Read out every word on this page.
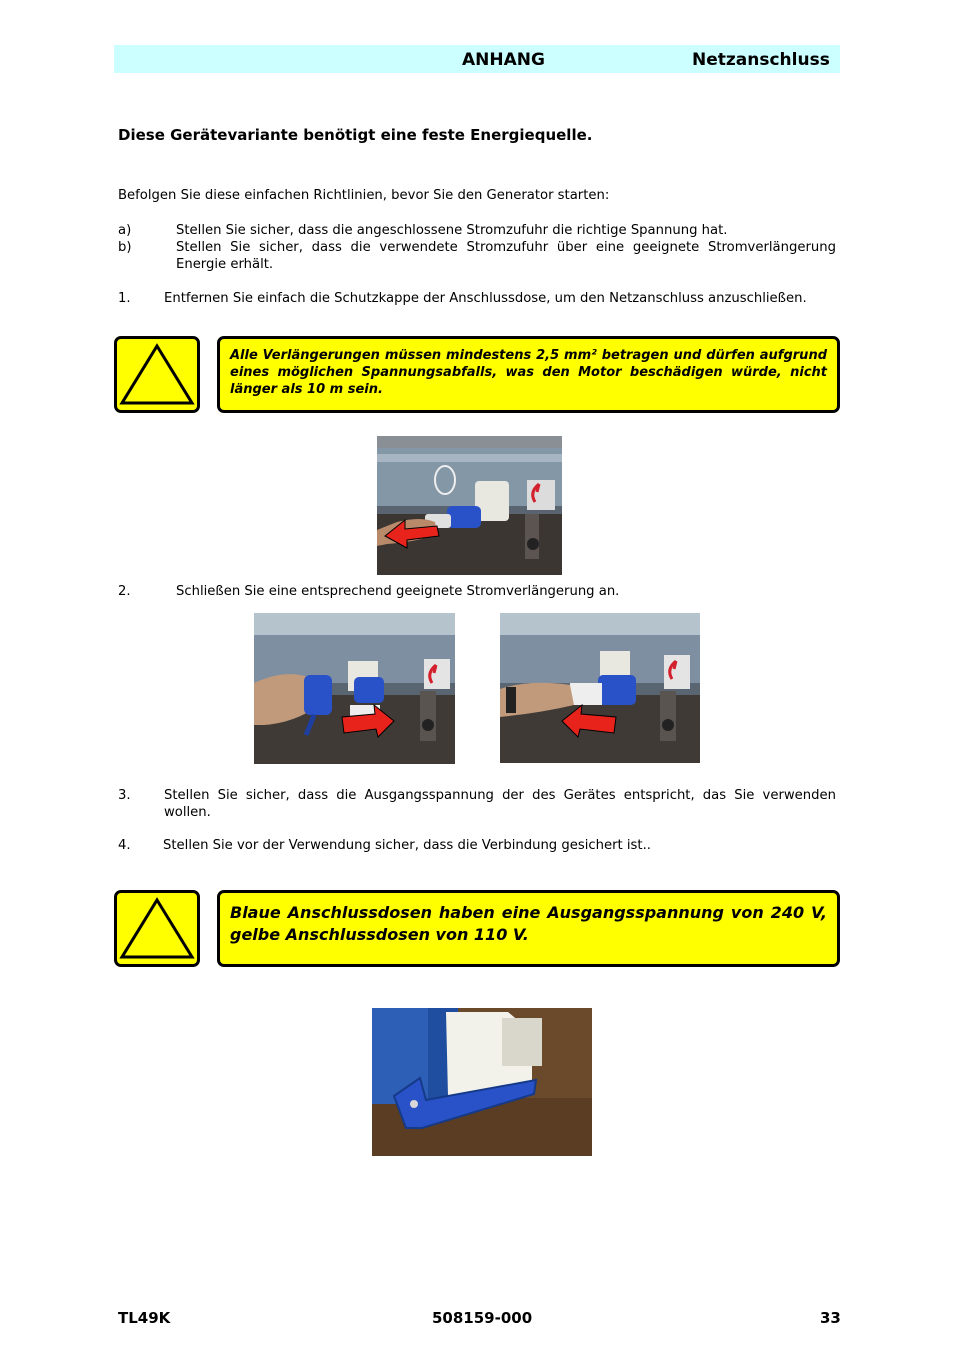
ANHANG	Netzanschluss
Diese Gerätevariante benötigt eine feste Energiequelle.
Befolgen Sie diese einfachen Richtlinien, bevor Sie den Generator starten:
a)	Stellen Sie sicher, dass die angeschlossene Stromzufuhr die richtige Spannung hat.
b)	Stellen Sie sicher, dass die verwendete Stromzufuhr über eine geeignete Stromverlängerung Energie erhält.
1.	Entfernen Sie einfach die Schutzkappe der Anschlussdose, um den Netzanschluss anzuschließen.
Alle Verlängerungen müssen mindestens 2,5 mm² betragen und dürfen aufgrund eines möglichen Spannungsabfalls, was den Motor beschädigen würde, nicht länger als 10 m sein.
2.	Schließen Sie eine entsprechend geeignete Stromverlängerung an.
3.	Stellen Sie sicher, dass die Ausgangsspannung der des Gerätes entspricht, das Sie verwenden wollen.
4. Stellen Sie vor der Verwendung sicher, dass die Verbindung gesichert ist..
Blaue Anschlussdosen haben eine Ausgangsspannung von 240 V, gelbe Anschlussdosen von 110 V.
TL49K	508159-000	33
